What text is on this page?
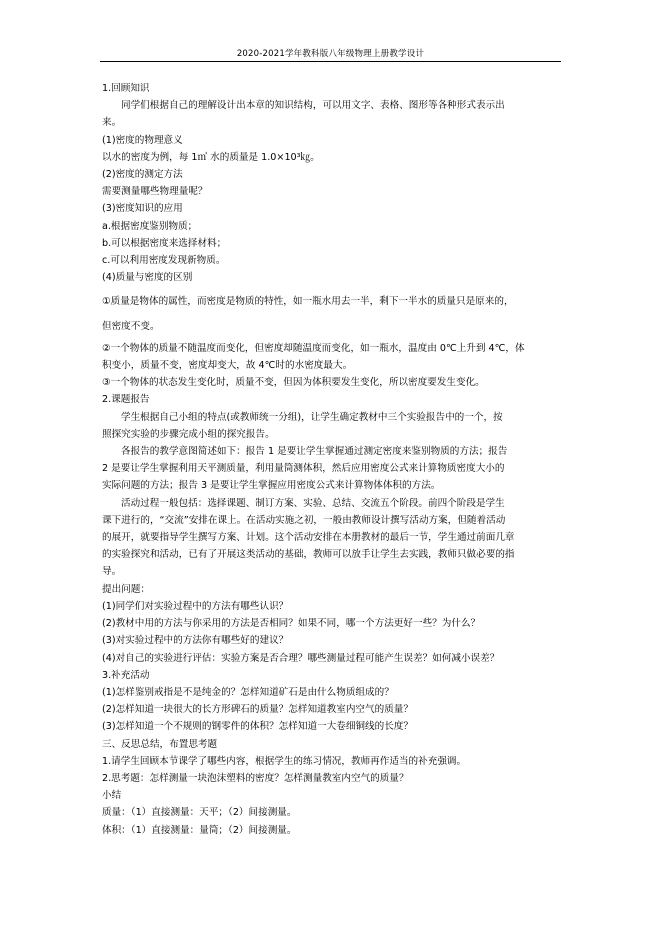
2020-2021学年教科版八年级物理上册教学设计
1.回顾知识
同学们根据自己的理解设计出本章的知识结构，可以用文字、表格、图形等各种形式表示出
来。
(1)密度的物理意义
以水的密度为例，每 1㎥ 水的质量是 1.0×10³㎏。
(2)密度的测定方法
需要测量哪些物理量呢？
(3)密度知识的应用
a.根据密度鉴别物质；
b.可以根据密度来选择材料；
c.可以利用密度发现新物质。
(4)质量与密度的区别
①质量是物体的属性，而密度是物质的特性，如一瓶水用去一半，剩下一半水的质量只是原来的，
但密度不变。
②一个物体的质量不随温度而变化，但密度却随温度而变化，如一瓶水，温度由 0℃上升到 4℃，体
积变小，质量不变，密度却变大，故 4℃时的水密度最大。
③一个物体的状态发生变化时，质量不变，但因为体积要发生变化，所以密度要发生变化。
2.课题报告
学生根据自己小组的特点(或教师统一分组)，让学生确定教材中三个实验报告中的一个，按
照探究实验的步骤完成小组的探究报告。
各报告的教学意图简述如下：报告 1 是要让学生掌握通过测定密度来鉴别物质的方法；报告
2 是要让学生掌握利用天平测质量，利用量筒测体积，然后应用密度公式来计算物质密度大小的
实际问题的方法；报告 3 是要让学生掌握应用密度公式来计算物体体积的方法。
活动过程一般包括：选择课题、制订方案、实验、总结、交流五个阶段。前四个阶段是学生
课下进行的，“交流”安排在课上。在活动实施之初，一般由教师设计撰写活动方案，但随着活动
的展开，就要指导学生撰写方案、计划。这个活动安排在本册教材的最后一节，学生通过前面几章
的实验探究和活动，已有了开展这类活动的基础，教师可以放手让学生去实践，教师只做必要的指
导。
提出问题：
(1)同学们对实验过程中的方法有哪些认识？
(2)教材中用的方法与你采用的方法是否相同？如果不同，哪一个方法更好一些？为什么？
(3)对实验过程中的方法你有哪些好的建议？
(4)对自己的实验进行评估：实验方案是否合理？哪些测量过程可能产生误差？如何减小误差？
3.补充活动
(1)怎样鉴别戒指是不是纯金的？怎样知道矿石是由什么物质组成的？
(2)怎样知道一块很大的长方形碑石的质量？怎样知道教室内空气的质量？
(3)怎样知道一个不规则的钢零件的体积？怎样知道一大卷细铜线的长度？
三、反思总结，布置思考题
1.请学生回顾本节课学了哪些内容，根据学生的练习情况，教师再作适当的补充强调。
2.思考题：怎样测量一块泡沫塑料的密度？怎样测量教室内空气的质量？
小结
质量：（1）直接测量：天平；（2）间接测量。
体积：（1）直接测量：量筒；（2）间接测量。
